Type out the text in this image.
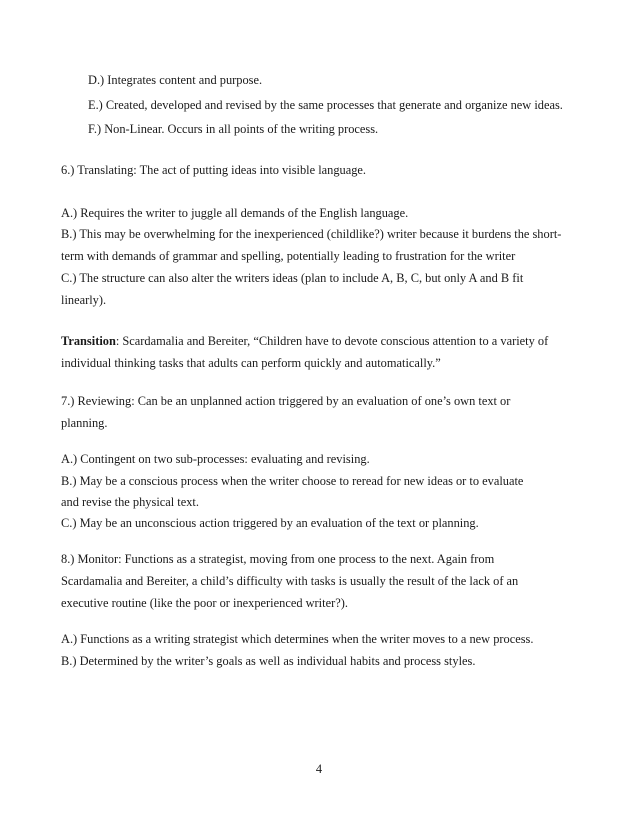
D.) Integrates content and purpose.
E.) Created, developed and revised by the same processes that generate and organize new ideas.
F.) Non-Linear. Occurs in all points of the writing process.
6.) Translating: The act of putting ideas into visible language.
A.) Requires the writer to juggle all demands of the English language.
B.) This may be overwhelming for the inexperienced (childlike?) writer because it burdens the short-
term with demands of grammar and spelling, potentially leading to frustration for the writer
C.) The structure can also alter the writers ideas (plan to include A, B, C, but only A and B fit
linearly).
Transition: Scardamalia and Bereiter, “Children have to devote conscious attention to a variety of
individual thinking tasks that adults can perform quickly and automatically.”
7.) Reviewing: Can be an unplanned action triggered by an evaluation of one’s own text or
planning.
A.) Contingent on two sub-processes: evaluating and revising.
B.) May be a conscious process when the writer choose to reread for new ideas or to evaluate
and revise the physical text.
C.) May be an unconscious action triggered by an evaluation of the text or planning.
8.) Monitor: Functions as a strategist, moving from one process to the next. Again from
Scardamalia and Bereiter, a child’s difficulty with tasks is usually the result of the lack of an
executive routine (like the poor or inexperienced writer?).
A.) Functions as a writing strategist which determines when the writer moves to a new process.
B.) Determined by the writer’s goals as well as individual habits and process styles.
4
